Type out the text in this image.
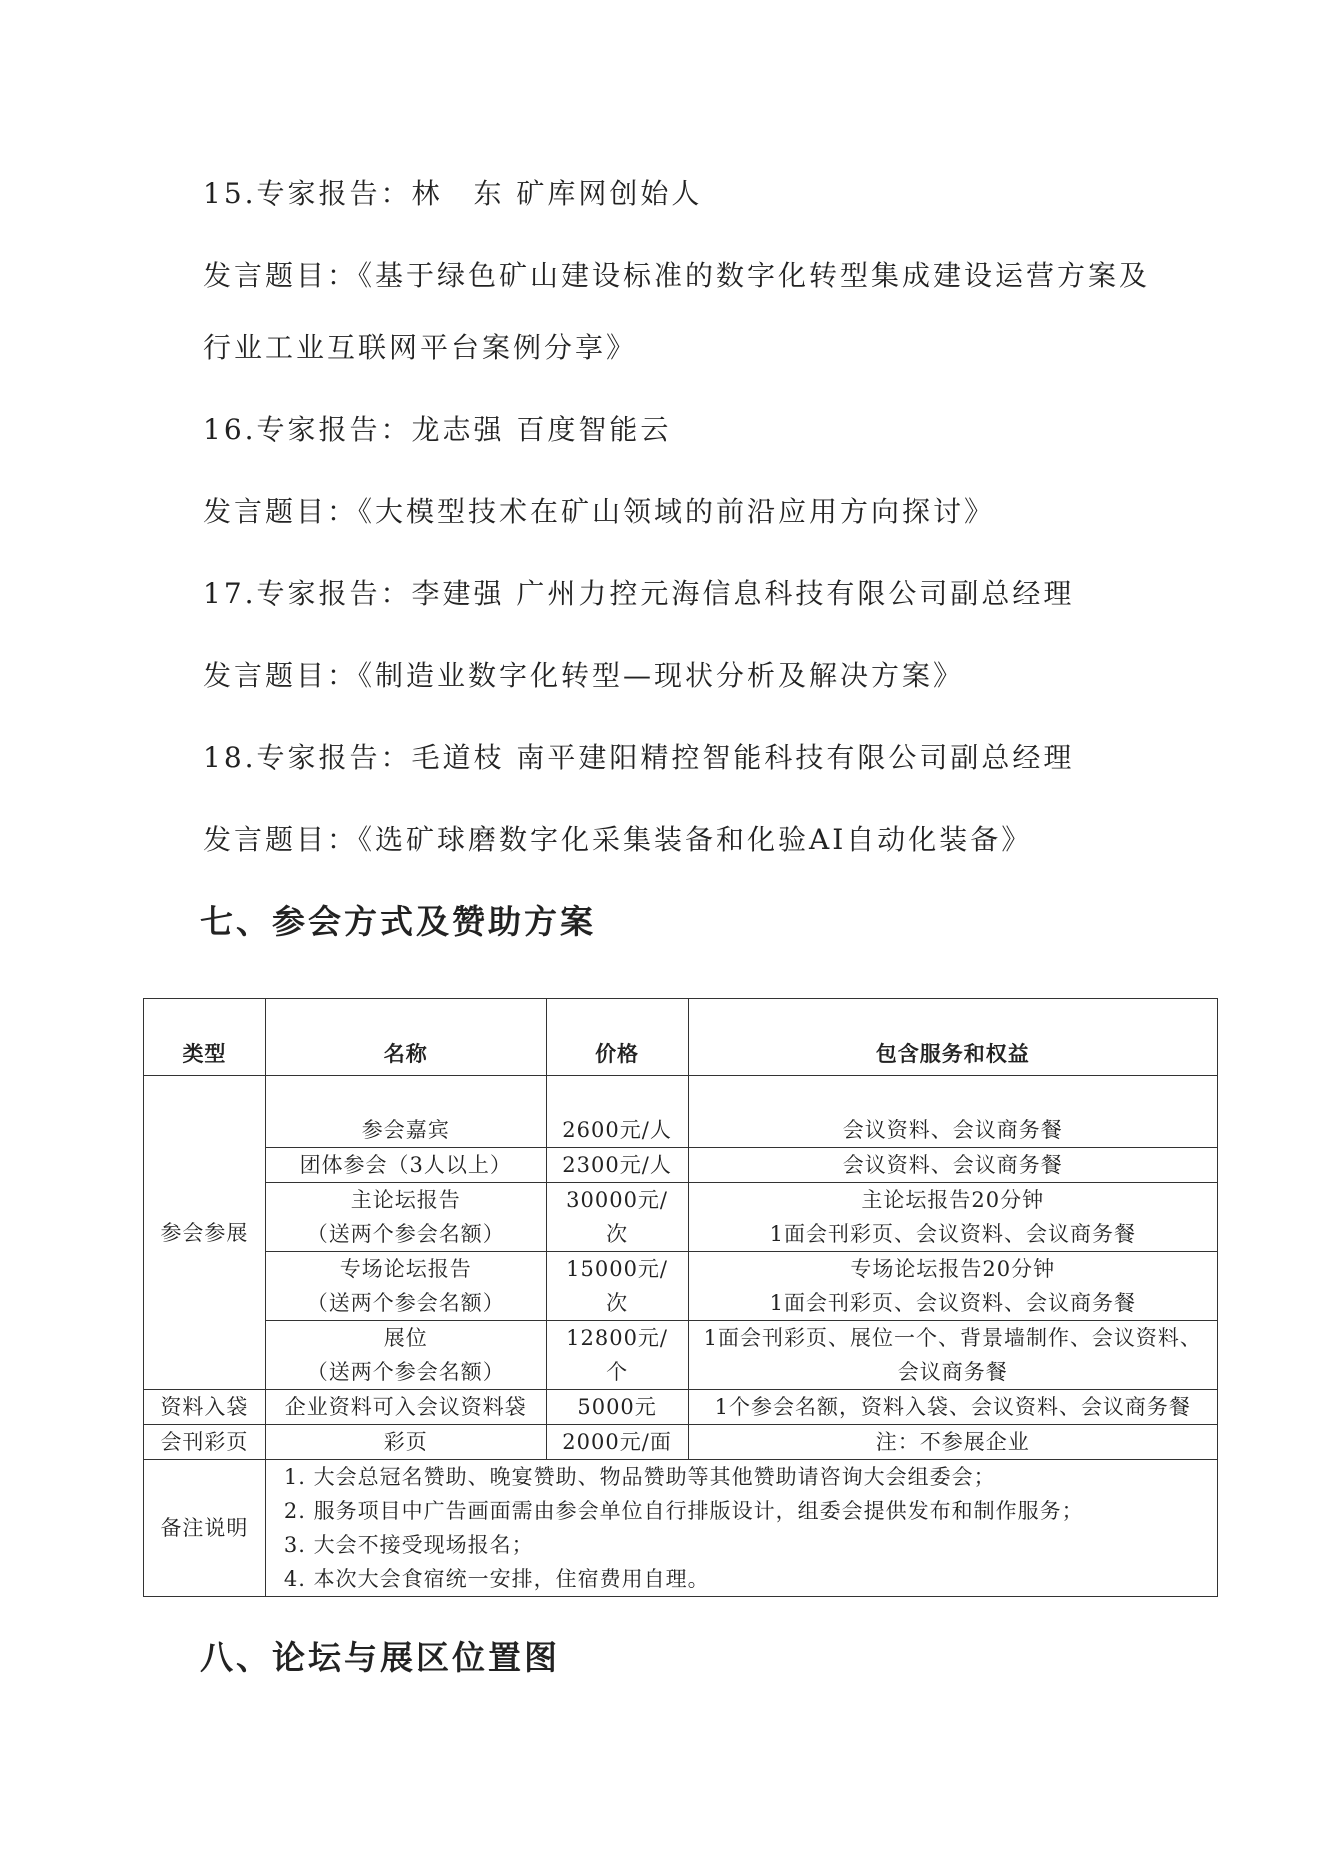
15.专家报告：林　东 矿库网创始人
发言题目：《基于绿色矿山建设标准的数字化转型集成建设运营方案及
行业工业互联网平台案例分享》
16.专家报告：龙志强 百度智能云
发言题目：《大模型技术在矿山领域的前沿应用方向探讨》
17.专家报告：李建强 广州力控元海信息科技有限公司副总经理
发言题目：《制造业数字化转型—现状分析及解决方案》
18.专家报告：毛道枝 南平建阳精控智能科技有限公司副总经理
发言题目：《选矿球磨数字化采集装备和化验AI自动化装备》
七、参会方式及赞助方案
类型	名称	价格	包含服务和权益
参会参展	参会嘉宾	2600元/人	会议资料、会议商务餐

	团体参会（3人以上）	2300元/人	会议资料、会议商务餐

	主论坛报告
（送两个参会名额）	30000元/
次	主论坛报告20分钟
1面会刊彩页、会议资料、会议商务餐

	专场论坛报告
（送两个参会名额）	15000元/
次	专场论坛报告20分钟
1面会刊彩页、会议资料、会议商务餐

	展位
（送两个参会名额）	12800元/
个	1面会刊彩页、展位一个、背景墙制作、会议资料、
会议商务餐

资料入袋	企业资料可入会议资料袋	5000元	1个参会名额，资料入袋、会议资料、会议商务餐
会刊彩页	彩页	2000元/面	注：不参展企业
备注说明	1. 大会总冠名赞助、晚宴赞助、物品赞助等其他赞助请咨询大会组委会；
2. 服务项目中广告画面需由参会单位自行排版设计，组委会提供发布和制作服务；
3. 大会不接受现场报名；
4. 本次大会食宿统一安排，住宿费用自理。		
八、论坛与展区位置图
